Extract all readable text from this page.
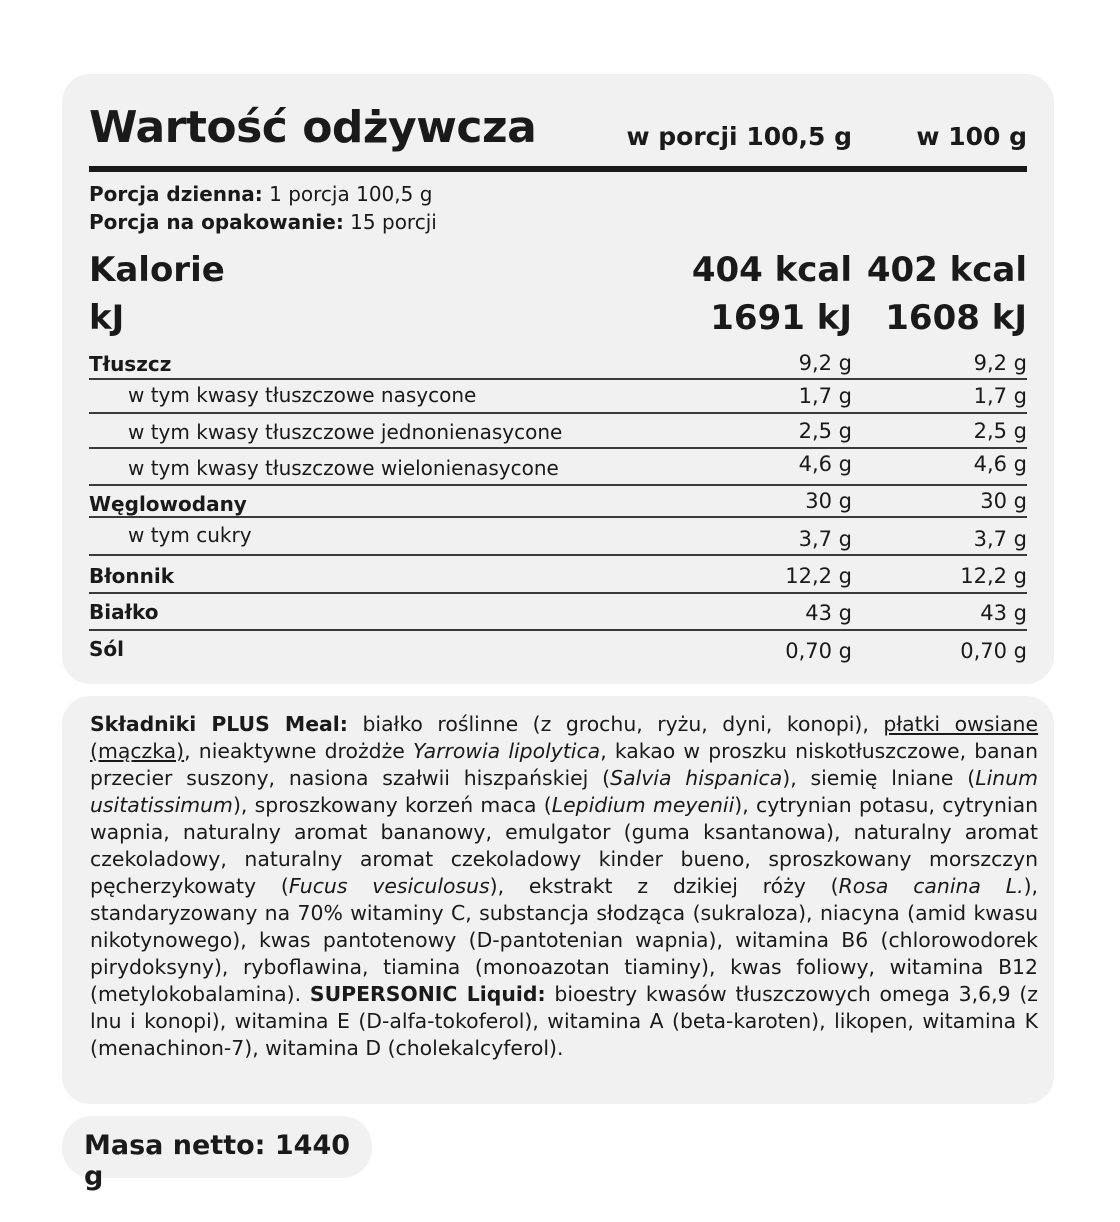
Wartość odżywcza	w porcji 100,5 g	w 100 g
Porcja dzienna: 1 porcja 100,5 g
Porcja na opakowanie: 15 porcji
Kalorie	404 kcal 402 kcal
kJ	1691 kJ 1608 kJ
Tłuszcz	9,2 g	9,2 g
w tym kwasy tłuszczowe nasycone	1,7 g	1,7 g
w tym kwasy tłuszczowe jednonienasycone	2,5 g	2,5 g
w tym kwasy tłuszczowe wielonienasycone	4,6 g	4,6 g
Węglowodany	30 g	30 g
w tym cukry	3,7 g	3,7 g
Błonnik	12,2 g	12,2 g
Białko	43 g	43 g
Sól	0,70 g	0,70 g
Składniki PLUS Meal: białko roślinne (z grochu, ryżu, dyni, konopi), płatki owsiane (mączka), nieaktywne drożdże Yarrowia lipolytica, kakao w proszku niskotłuszczowe, banan przecier suszony, nasiona szałwii hiszpańskiej (Salvia hispanica), siemię lniane (Linum usitatissimum), sproszkowany korzeń maca (Lepidium meyenii), cytrynian potasu, cytrynian wapnia, naturalny aromat bananowy, emulgator (guma ksantanowa), naturalny aromat czekoladowy, naturalny aromat czekoladowy kinder bueno, sproszkowany morszczyn pęcherzykowaty (Fucus vesiculosus), ekstrakt z dzikiej róży (Rosa canina L.), standaryzowany na 70% witaminy C, substancja słodząca (sukraloza), niacyna (amid kwasu nikotynowego), kwas pantotenowy (D-pantotenian wapnia), witamina B6 (chlorowodorek pirydoksyny), ryboflawina, tiamina (monoazotan tiaminy), kwas foliowy, witamina B12 (metylokobalamina). SUPERSONIC Liquid: bioestry kwasów tłuszczowych omega 3,6,9 (z lnu i konopi), witamina E (D-alfa-tokoferol), witamina A (beta-karoten), likopen, witamina K (menachinon-7), witamina D (cholekalcyferol).
Masa netto: 1440 g
